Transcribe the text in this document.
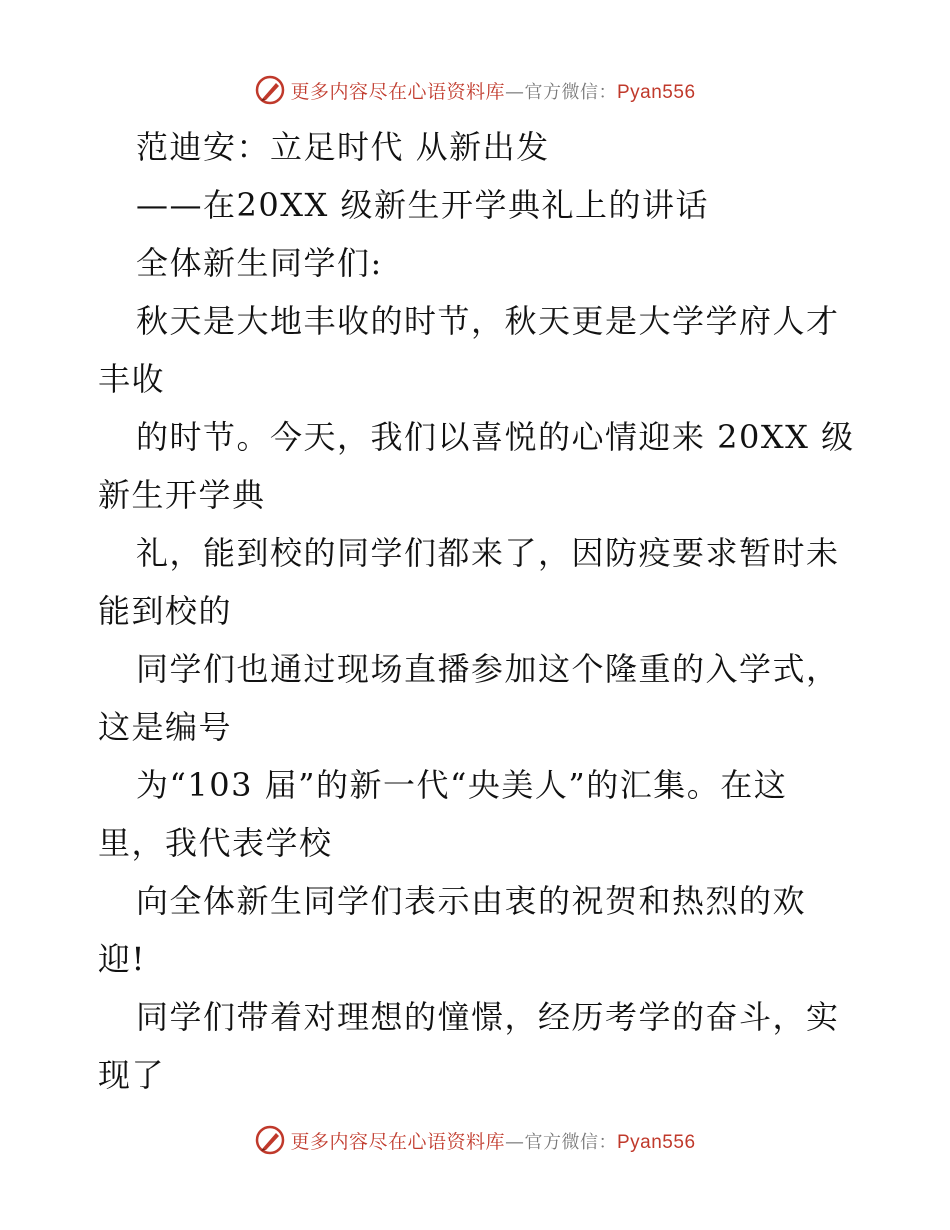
更多内容尽在心语资料库—官方微信：Pyan556
范迪安：立足时代 从新出发
——在20XX 级新生开学典礼上的讲话
全体新生同学们:
秋天是大地丰收的时节，秋天更是大学学府人才
丰收
的时节。今天，我们以喜悦的心情迎来 20XX 级
新生开学典
礼，能到校的同学们都来了，因防疫要求暂时未
能到校的
同学们也通过现场直播参加这个隆重的入学式，
这是编号
为“103 届”的新一代“央美人”的汇集。在这
里，我代表学校
向全体新生同学们表示由衷的祝贺和热烈的欢
迎!
同学们带着对理想的憧憬，经历考学的奋斗，实
现了
更多内容尽在心语资料库—官方微信：Pyan556
